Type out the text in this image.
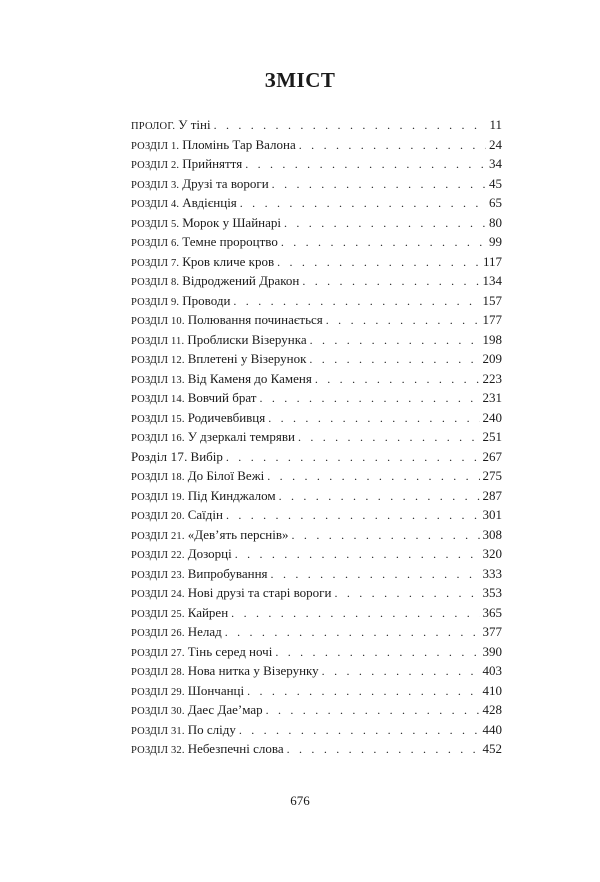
ЗМІСТ
ПРОЛОГ. У тіні . . .	11
РОЗДІЛ 1. Пломінь Тар Валона . . .	24
РОЗДІЛ 2. Прийняття . . .	34
РОЗДІЛ 3. Друзі та вороги . . .	45
РОЗДІЛ 4. Авдієнція . . .	65
РОЗДІЛ 5. Морок у Шайнарі . . .	80
РОЗДІЛ 6. Темне пророцтво . . .	99
РОЗДІЛ 7. Кров кличе кров . . .	117
РОЗДІЛ 8. Відроджений Дракон . . .	134
РОЗДІЛ 9. Проводи . . .	157
РОЗДІЛ 10. Полювання починається . . .	177
РОЗДІЛ 11. Проблиски Візерунка . . .	198
РОЗДІЛ 12. Вплетені у Візерунок . . .	209
РОЗДІЛ 13. Від Каменя до Каменя . . .	223
РОЗДІЛ 14. Вовчий брат . . .	231
РОЗДІЛ 15. Родичевбивця . . .	240
РОЗДІЛ 16. У дзеркалі темряви . . .	251
Розділ 17. Вибір . . .	267
РОЗДІЛ 18. До Білої Вежі . . .	275
РОЗДІЛ 19. Під Кинджалом . . .	287
РОЗДІЛ 20. Саїдін . . .	301
РОЗДІЛ 21. «Дев’ять перснів» . . .	308
РОЗДІЛ 22. Дозорці . . .	320
РОЗДІЛ 23. Випробування . . .	333
РОЗДІЛ 24. Нові друзі та старі вороги . . .	353
РОЗДІЛ 25. Кайрен . . .	365
РОЗДІЛ 26. Нелад . . .	377
РОЗДІЛ 27. Тінь серед ночі . . .	390
РОЗДІЛ 28. Нова нитка у Візерунку . . .	403
РОЗДІЛ 29. Шончанці . . .	410
РОЗДІЛ 30. Даес Дае’мар . . .	428
РОЗДІЛ 31. По сліду . . .	440
РОЗДІЛ 32. Небезпечні слова . . .	452
676
